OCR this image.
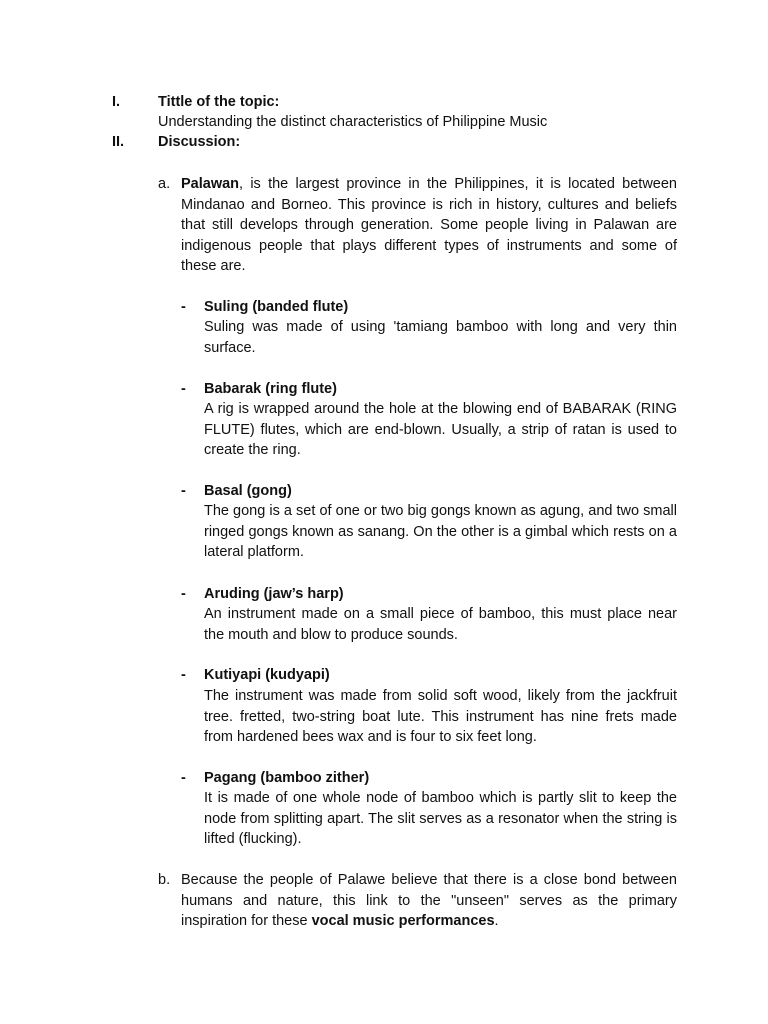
I.	Tittle of the topic:
Understanding the distinct characteristics of Philippine Music
II. Discussion:
a. Palawan, is the largest province in the Philippines, it is located between Mindanao and Borneo. This province is rich in history, cultures and beliefs that still develops through generation. Some people living in Palawan are indigenous people that plays different types of instruments and some of these are.
- Suling (banded flute)
Suling was made of using 'tamiang bamboo with long and very thin surface.
- Babarak (ring flute)
A rig is wrapped around the hole at the blowing end of BABARAK (RING FLUTE) flutes, which are end-blown. Usually, a strip of ratan is used to create the ring.
- Basal (gong)
The gong is a set of one or two big gongs known as agung, and two small ringed gongs known as sanang. On the other is a gimbal which rests on a lateral platform.
- Aruding (jaw’s harp)
An instrument made on a small piece of bamboo, this must place near the mouth and blow to produce sounds.
- Kutiyapi (kudyapi)
The instrument was made from solid soft wood, likely from the jackfruit tree. fretted, two-string boat lute. This instrument has nine frets made from hardened bees wax and is four to six feet long.
- Pagang (bamboo zither)
It is made of one whole node of bamboo which is partly slit to keep the node from splitting apart. The slit serves as a resonator when the string is lifted (flucking).
b. Because the people of Palawe believe that there is a close bond between humans and nature, this link to the "unseen" serves as the primary inspiration for these vocal music performances.
